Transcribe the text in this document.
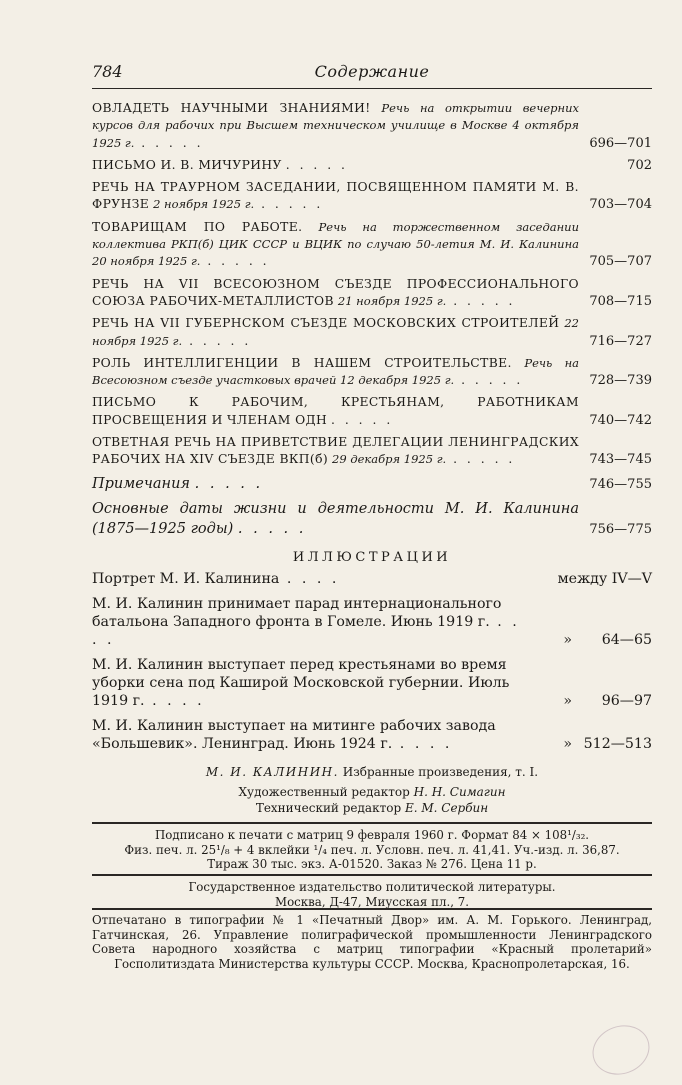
Содержание
784
ОВЛАДЕТЬ НАУЧНЫМИ ЗНАНИЯМИ! Речь на открытии вечерних курсов для рабочих при Высшем техническом училище в Москве 4 октября 1925 г. . . . . .	696—701
ПИСЬМО И. В. МИЧУРИНУ . . . . .	702
РЕЧЬ НА ТРАУРНОМ ЗАСЕДАНИИ, ПОСВЯЩЕННОМ ПАМЯТИ М. В. ФРУНЗЕ 2 ноября 1925 г. . . . . .	703—704
ТОВАРИЩАМ ПО РАБОТЕ. Речь на торжественном заседании коллектива РКП(б) ЦИК СССР и ВЦИК по случаю 50-летия М. И. Калинина 20 ноября 1925 г. . . . . .	705—707
РЕЧЬ НА VII ВСЕСОЮЗНОМ СЪЕЗДЕ ПРОФЕССИОНАЛЬНОГО СОЮЗА РАБОЧИХ-МЕТАЛЛИСТОВ 21 ноября 1925 г. . . . . .	708—715
РЕЧЬ НА VII ГУБЕРНСКОМ СЪЕЗДЕ МОСКОВСКИХ СТРОИТЕЛЕЙ 22 ноября 1925 г. . . . . .	716—727
РОЛЬ ИНТЕЛЛИГЕНЦИИ В НАШЕМ СТРОИТЕЛЬСТВЕ. Речь на Всесоюзном съезде участковых врачей 12 декабря 1925 г. . . . . .	728—739
ПИСЬМО К РАБОЧИМ, КРЕСТЬЯНАМ, РАБОТНИКАМ ПРОСВЕЩЕНИЯ И ЧЛЕНАМ ОДН . . . . .	740—742
ОТВЕТНАЯ РЕЧЬ НА ПРИВЕТСТВИЕ ДЕЛЕГАЦИИ ЛЕНИНГРАДСКИХ РАБОЧИХ НА XIV СЪЕЗДЕ ВКП(б) 29 декабря 1925 г. . . . . .	743—745
Примечания . . . . .	746—755
Основные даты жизни и деятельности М. И. Калинина (1875—1925 годы) . . . . .	756—775
ИЛЛЮСТРАЦИИ
Портрет М. И. Калинина . . . .	между IV—V
М. И. Калинин принимает парад интернационального батальона Западного фронта в Гомеле. Июнь 1919 г. . . . .	» 64—65
М. И. Калинин выступает перед крестьянами во время уборки сена под Каширой Московской губернии. Июль 1919 г. . . . .	» 96—97
М. И. Калинин выступает на митинге рабочих завода «Большевик». Ленинград. Июнь 1924 г. . . . .	» 512—513
М. И. КАЛИНИН. Избранные произведения, т. I.
Художественный редактор Н. Н. Симагин
Технический редактор Е. М. Сербин
Подписано к печати с матриц 9 февраля 1960 г. Формат 84 × 108¹/₃₂.
Физ. печ. л. 25¹/₈ + 4 вклейки ¹/₄ печ. л. Условн. печ. л. 41,41. Уч.-изд. л. 36,87.
Тираж 30 тыс. экз. А-01520. Заказ № 276. Цена 11 р.
Государственное издательство политической литературы.
Москва, Д-47, Миусская пл., 7.
Отпечатано в типографии № 1 «Печатный Двор» им. А. М. Горького. Ленинград, Гатчинская, 26. Управление полиграфической промышленности Ленинградского Совета народного хозяйства с матриц типографии «Красный пролетарий» Госполитиздата Министерства культуры СССР. Москва, Краснопролетарская, 16.
